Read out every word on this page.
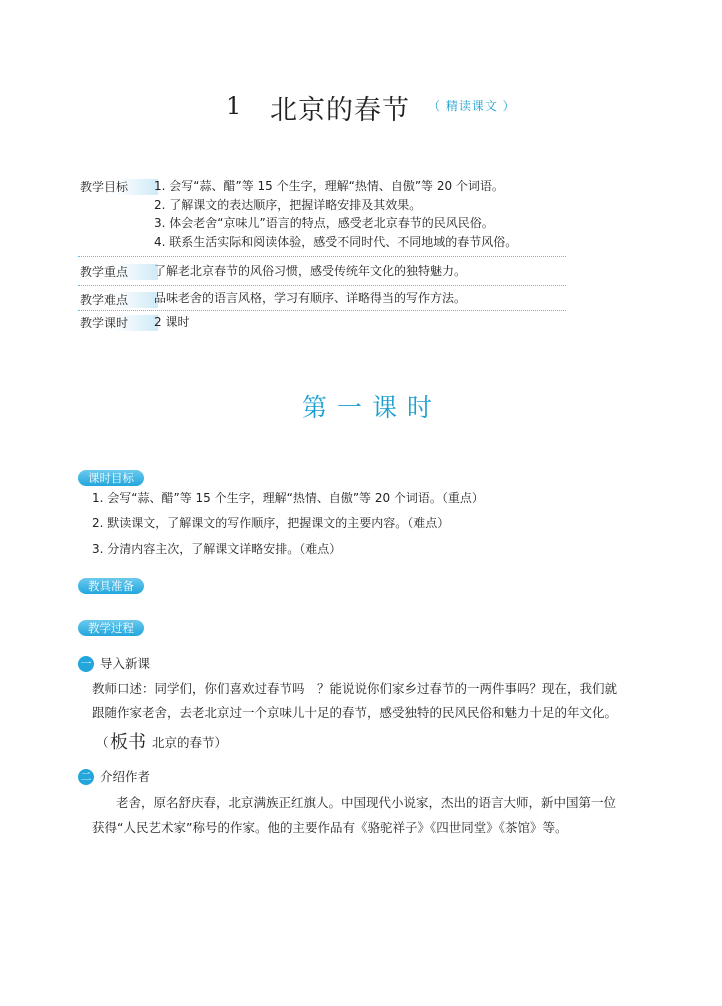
1 北京的春节 （ 精读课文 ）
教学目标	1. 会写“蒜、醋”等 15 个生字，理解“热情、自傲”等 20 个词语。
2. 了解课文的表达顺序，把握详略安排及其效果。
3. 体会老舍“京味儿”语言的特点，感受老北京春节的民风民俗。
4. 联系生活实际和阅读体验，感受不同时代、不同地域的春节风俗。
教学重点	了解老北京春节的风俗习惯，感受传统年文化的独特魅力。
教学难点	品味老舍的语言风格，学习有顺序、详略得当的写作方法。
教学课时	2 课时
第一课时
课时目标
1. 会写“蒜、醋”等 15 个生字，理解“热情、自傲”等 20 个词语。（重点）
2. 默读课文，了解课文的写作顺序，把握课文的主要内容。（难点）
3. 分清内容主次，了解课文详略安排。（难点）
教具准备
教学过程
一 导入新课
教师口述：同学们，你们喜欢过春节吗　？能说说你们家乡过春节的一两件事吗？现在，我们就
跟随作家老舍，去老北京过一个京味儿十足的春节，感受独特的民风民俗和魅力十足的年文化。
（ 板书 北京的春节）
二 介绍作者
老舍，原名舒庆春，北京满族正红旗人。中国现代小说家，杰出的语言大师，新中国第一位
获得“人民艺术家”称号的作家。他的主要作品有《骆驼祥子》《四世同堂》《茶馆》等。
